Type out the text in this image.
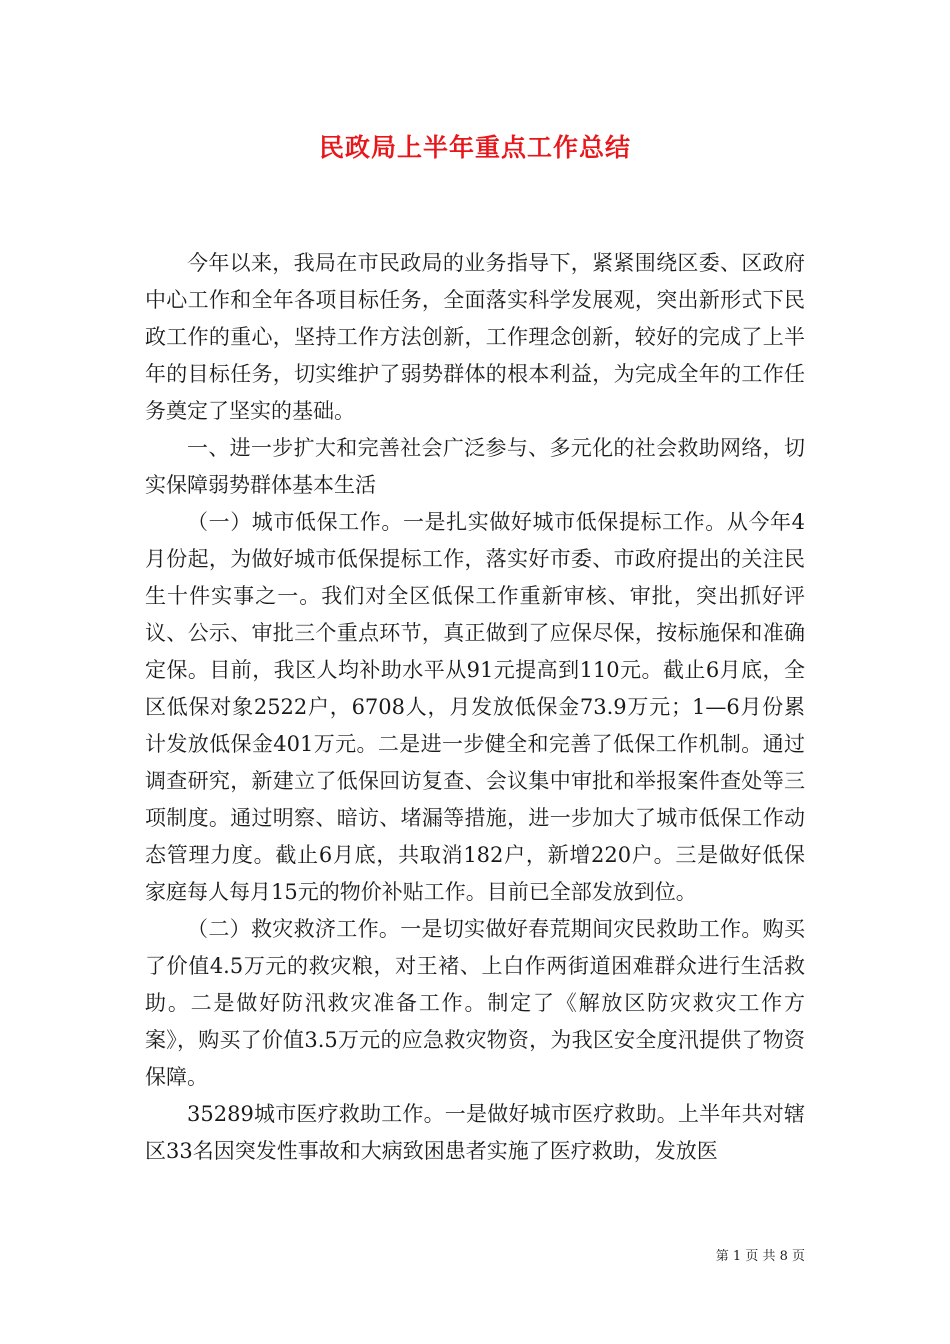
民政局上半年重点工作总结

今年以来，我局在市民政局的业务指导下，紧紧围绕区委、区政府中心工作和全年各项目标任务，全面落实科学发展观，突出新形式下民政工作的重心，坚持工作方法创新，工作理念创新，较好的完成了上半年的目标任务，切实维护了弱势群体的根本利益，为完成全年的工作任务奠定了坚实的基础。

一、进一步扩大和完善社会广泛参与、多元化的社会救助网络，切实保障弱势群体基本生活

（一）城市低保工作。一是扎实做好城市低保提标工作。从今年4月份起，为做好城市低保提标工作，落实好市委、市政府提出的关注民生十件实事之一。我们对全区低保工作重新审核、审批，突出抓好评议、公示、审批三个重点环节，真正做到了应保尽保，按标施保和准确定保。目前，我区人均补助水平从91元提高到110元。截止6月底，全区低保对象2522户，6708人，月发放低保金73.9万元；1—6月份累计发放低保金401万元。二是进一步健全和完善了低保工作机制。通过调查研究，新建立了低保回访复查、会议集中审批和举报案件查处等三项制度。通过明察、暗访、堵漏等措施，进一步加大了城市低保工作动态管理力度。截止6月底，共取消182户，新增220户。三是做好低保家庭每人每月15元的物价补贴工作。目前已全部发放到位。

（二）救灾救济工作。一是切实做好春荒期间灾民救助工作。购买了价值4.5万元的救灾粮，对王褚、上白作两街道困难群众进行生活救助。二是做好防汛救灾准备工作。制定了《解放区防灾救灾工作方案》，购买了价值3.5万元的应急救灾物资，为我区安全度汛提供了物资保障。

35289城市医疗救助工作。一是做好城市医疗救助。上半年共对辖区33名因突发性事故和大病致困患者实施了医疗救助，发放医

第 1 页 共 8 页
